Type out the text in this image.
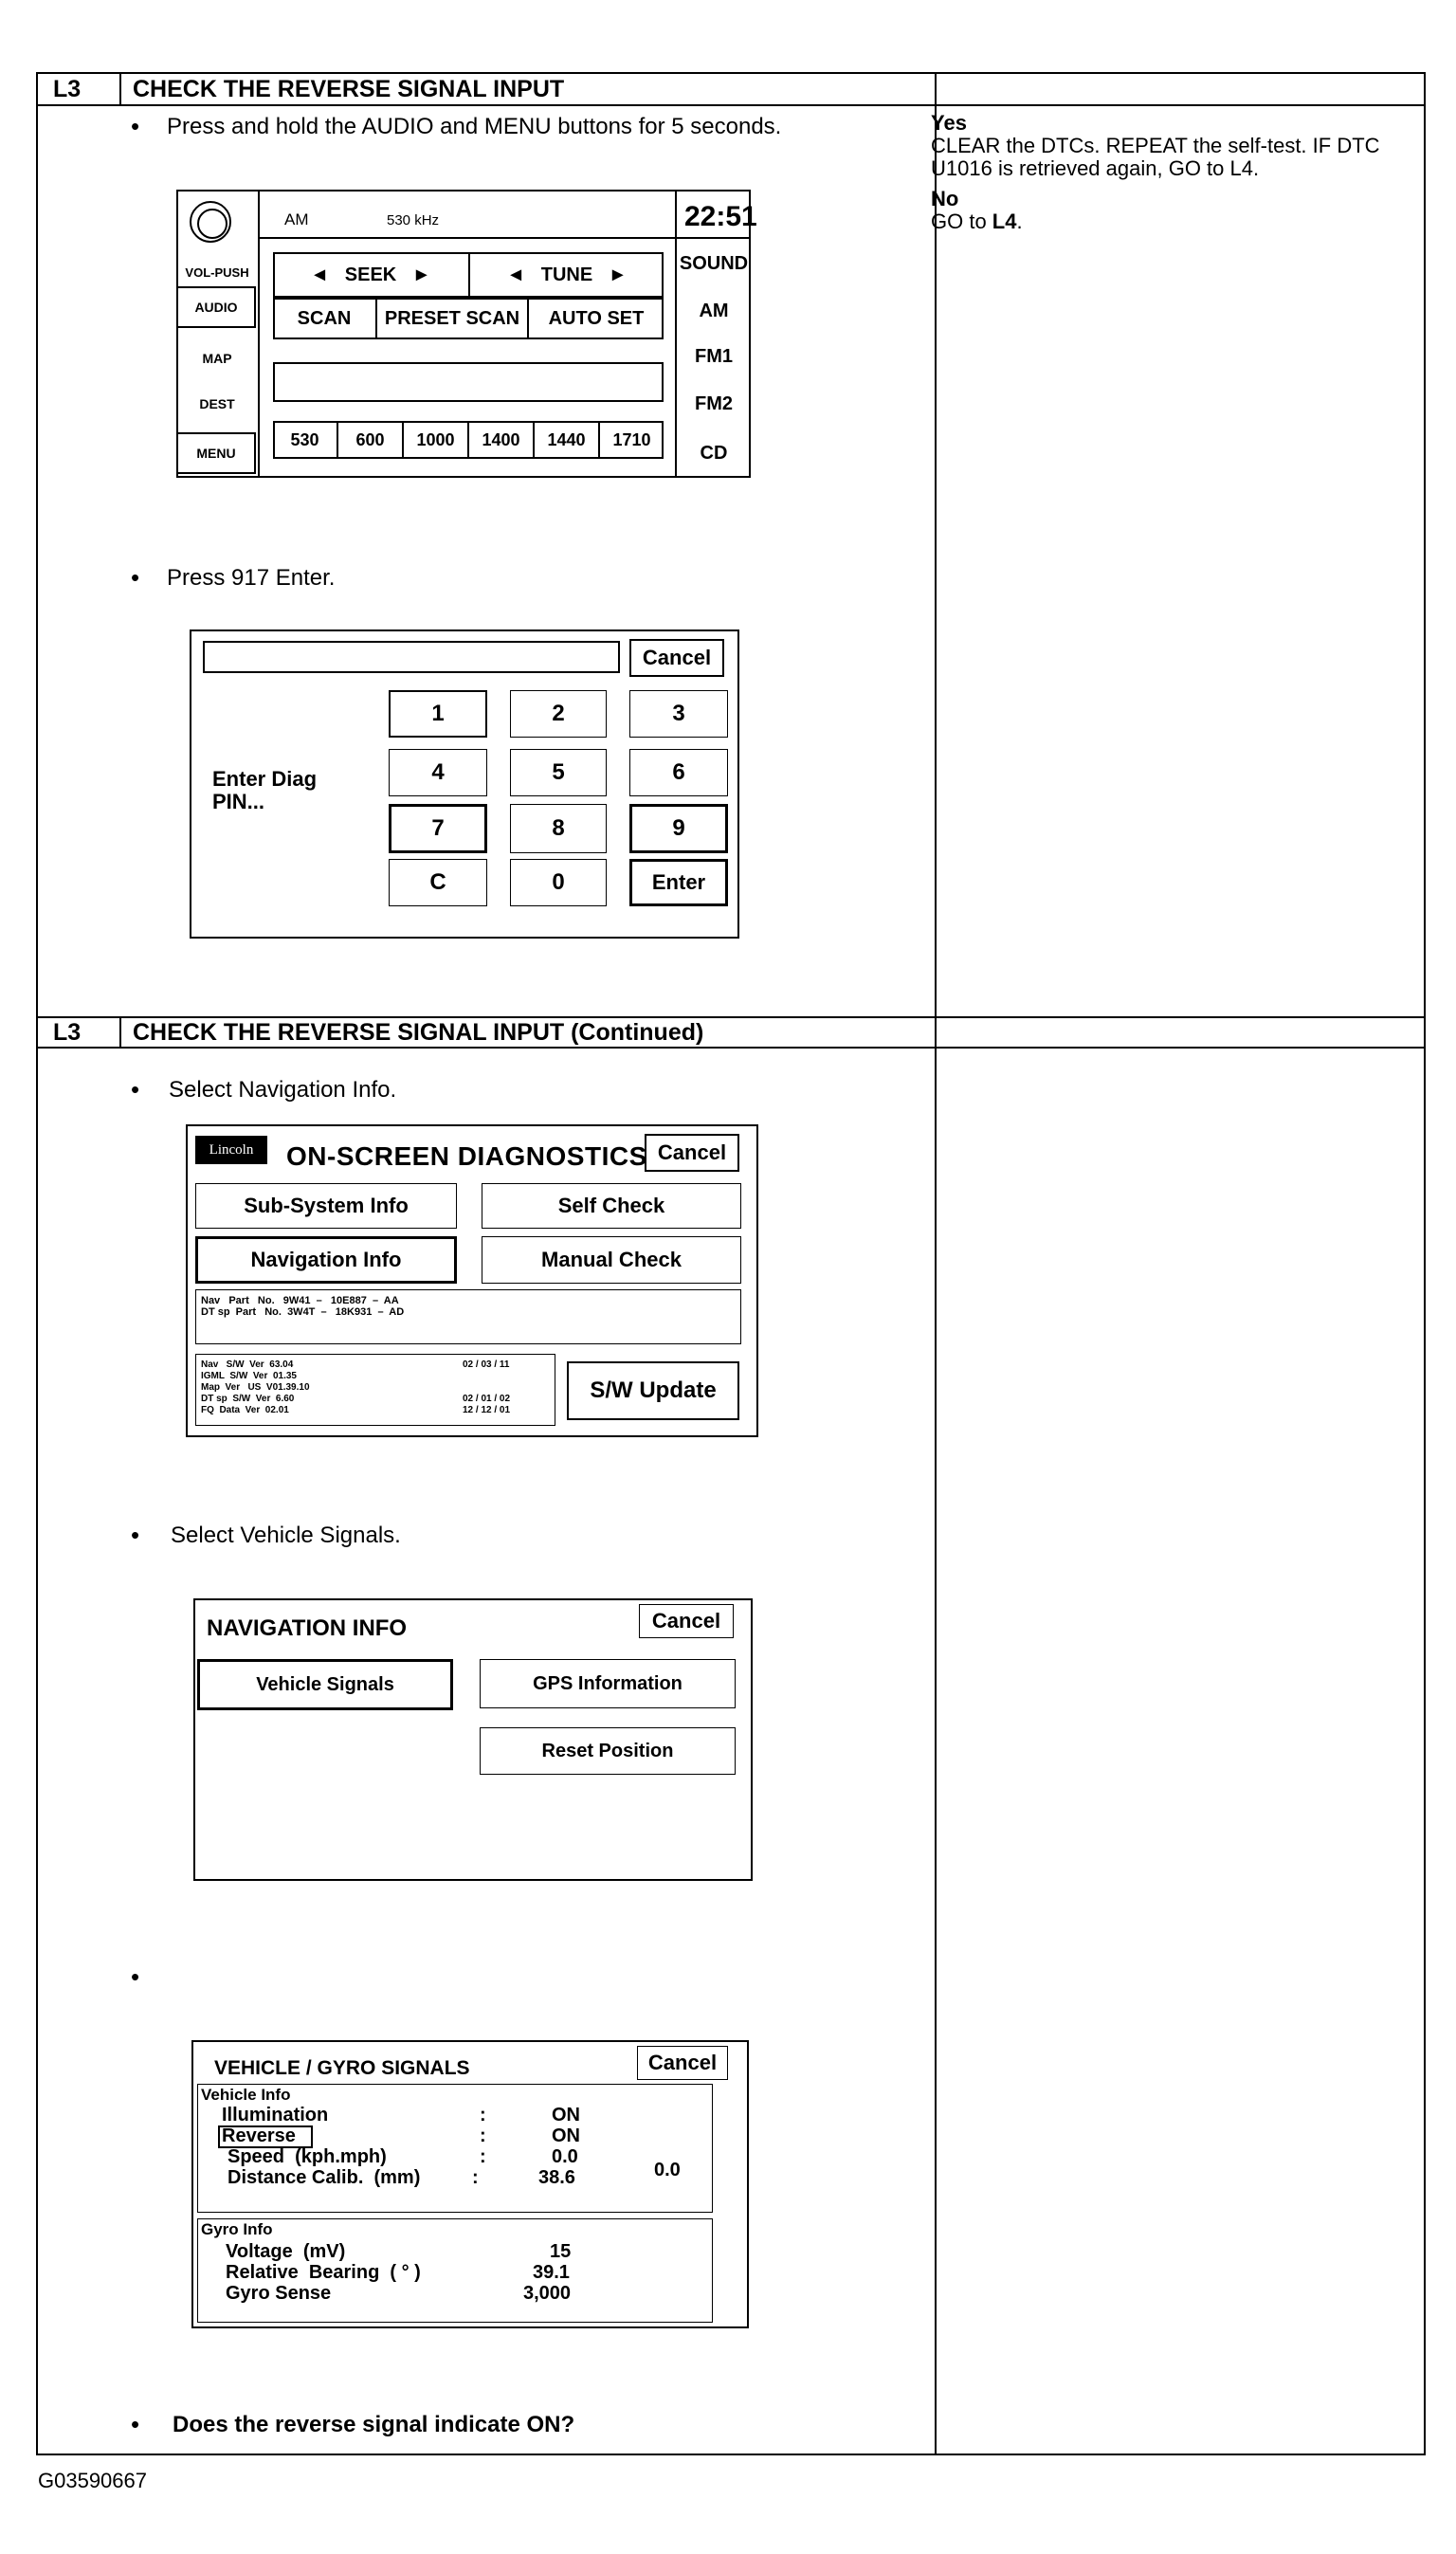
L3 CHECK THE REVERSE SIGNAL INPUT
L3 CHECK THE REVERSE SIGNAL INPUT (Continued)
Yes
CLEAR the DTCs. REPEAT the self-test. IF DTC U1016 is retrieved again, GO to L4.
No
GO to L4.
• Press and hold the AUDIO and MENU buttons for 5 seconds.
• Press 917 Enter.
• Select Navigation Info.
• Select Vehicle Signals.
•
• Does the reverse signal indicate ON?
VOL-PUSH
AUDIO
MAP
DEST
MENU
AM	530 kHz	22:51
◄ SEEK ►	◄ TUNE ►
SCAN	PRESET SCAN	AUTO SET
530	600	1000	1400	1440	1710
SOUND
AM
FM1
FM2
CD
Cancel
Enter Diag
PIN...
1	2	3
4	5	6
7	8	9
C	0	Enter
Lincoln	ON-SCREEN DIAGNOSTICS Cancel
Sub-System Info	Self Check
Navigation Info	Manual Check
Nav   Part   No.   9W41  –   10E887  –  AA
DT sp  Part   No.  3W4T  –   18K931  –  AD
Nav   S/W  Ver  63.04
IGML  S/W  Ver  01.35
Map  Ver   US  V01.39.10
DT sp  S/W  Ver  6.60
FQ  Data  Ver  02.01
02 / 03 / 11

02 / 01 / 02
12 / 12 / 01
S/W Update
NAVIGATION INFO	Cancel
Vehicle Signals	GPS Information
Reset Position
VEHICLE / GYRO SIGNALS	Cancel
Vehicle Info
Illumination	:	ON
Reverse	:	ON
Speed  (kph.mph)	:	0.0
0.0
Distance Calib.  (mm)	:	38.6
Gyro Info
Voltage  (mV)	15
Relative  Bearing  ( ° )	39.1
Gyro Sense	3,000
G03590667
